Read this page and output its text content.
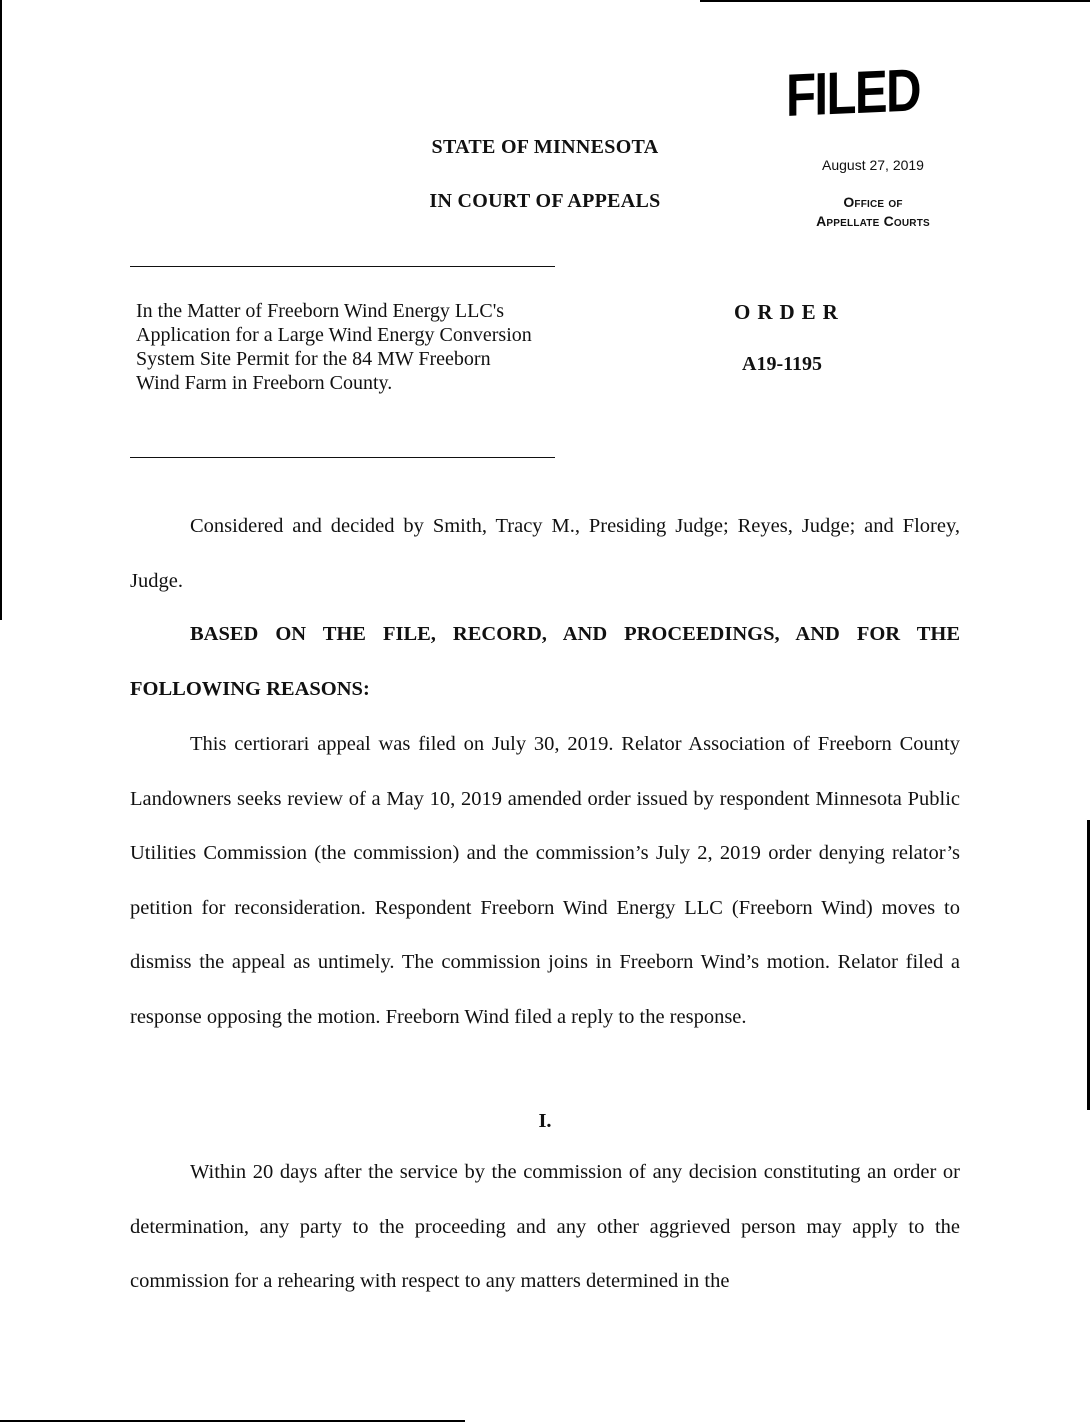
FILED
August 27, 2019
Office of
Appellate Courts
STATE OF MINNESOTA
IN COURT OF APPEALS
In the Matter of Freeborn Wind Energy LLC's Application for a Large Wind Energy Conversion System Site Permit for the 84 MW Freeborn Wind Farm in Freeborn County.
ORDER
A19-1195

Considered and decided by Smith, Tracy M., Presiding Judge; Reyes, Judge; and Florey, Judge.

BASED ON THE FILE, RECORD, AND PROCEEDINGS, AND FOR THE FOLLOWING REASONS:

This certiorari appeal was filed on July 30, 2019. Relator Association of Freeborn County Landowners seeks review of a May 10, 2019 amended order issued by respondent Minnesota Public Utilities Commission (the commission) and the commission’s July 2, 2019 order denying relator’s petition for reconsideration. Respondent Freeborn Wind Energy LLC (Freeborn Wind) moves to dismiss the appeal as untimely. The commission joins in Freeborn Wind’s motion. Relator filed a response opposing the motion. Freeborn Wind filed a reply to the response.

I.

Within 20 days after the service by the commission of any decision constituting an order or determination, any party to the proceeding and any other aggrieved person may apply to the commission for a rehearing with respect to any matters determined in the
